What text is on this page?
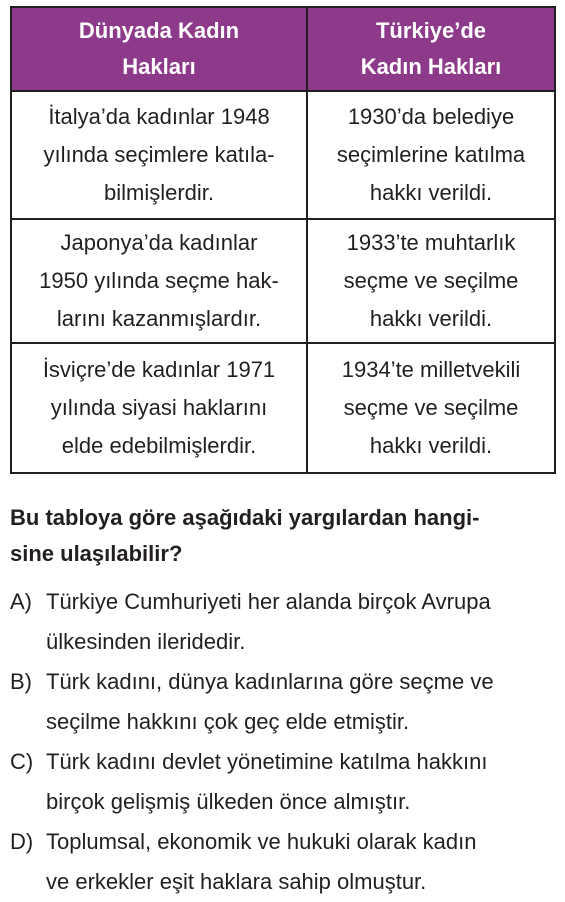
Dünyada Kadın
Hakları
Türkiye’de
Kadın Hakları
İtalya’da kadınlar 1948
yılında seçimlere katıla-
bilmişlerdir.
1930’da belediye
seçimlerine katılma
hakkı verildi.
Japonya’da kadınlar
1950 yılında seçme hak-
larını kazanmışlardır.
1933’te muhtarlık
seçme ve seçilme
hakkı verildi.
İsviçre’de kadınlar 1971
yılında siyasi haklarını
elde edebilmişlerdir.
1934’te milletvekili
seçme ve seçilme
hakkı verildi.
Bu tabloya göre aşağıdaki yargılardan hangi-
sine ulaşılabilir?
A) Türkiye Cumhuriyeti her alanda birçok Avrupa
ülkesinden ileridedir.
B) Türk kadını, dünya kadınlarına göre seçme ve
seçilme hakkını çok geç elde etmiştir.
C) Türk kadını devlet yönetimine katılma hakkını
birçok gelişmiş ülkeden önce almıştır.
D) Toplumsal, ekonomik ve hukuki olarak kadın
ve erkekler eşit haklara sahip olmuştur.
